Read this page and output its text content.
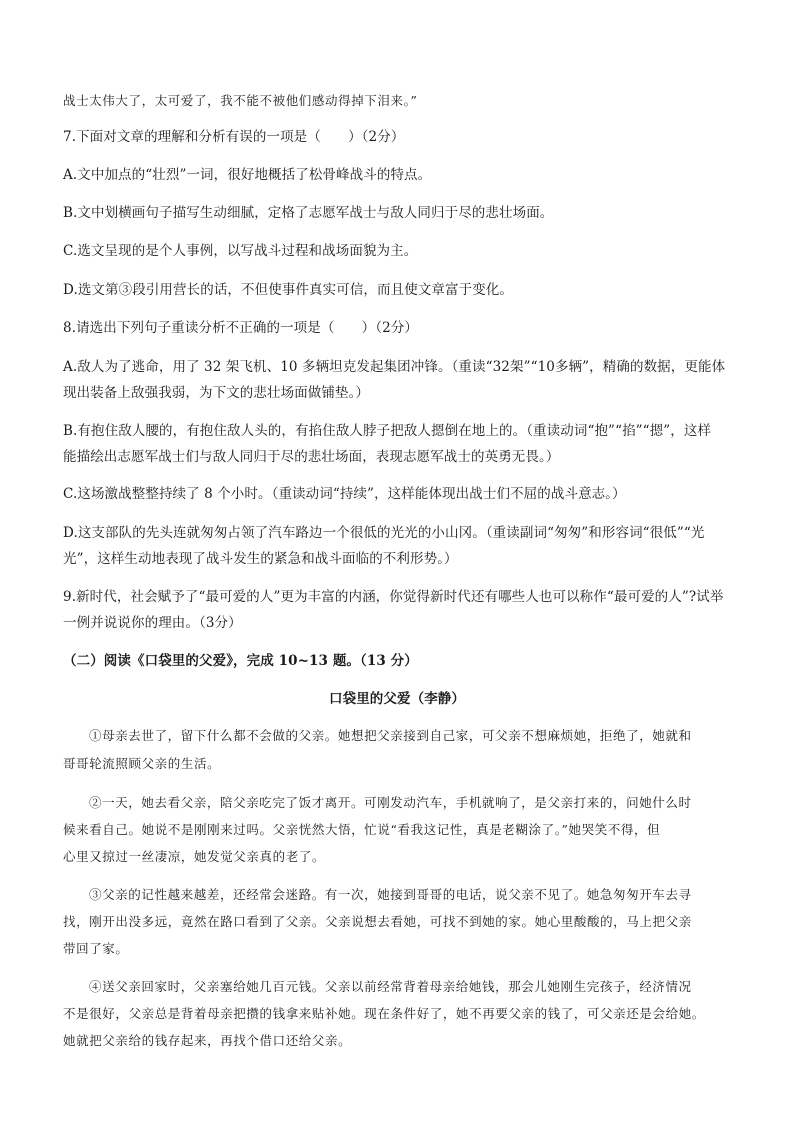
战士太伟大了，太可爱了，我不能不被他们感动得掉下泪来。”

7.下面对文章的理解和分析有误的一项是（　　）（2分）

A.文中加点的“壮烈”一词，很好地概括了松骨峰战斗的特点。

B.文中划横画句子描写生动细腻，定格了志愿军战士与敌人同归于尽的悲壮场面。

C.选文呈现的是个人事例，以写战斗过程和战场面貌为主。

D.选文第③段引用营长的话，不但使事件真实可信，而且使文章富于变化。

8.请选出下列句子重读分析不正确的一项是（　　）（2分）

A.敌人为了逃命，用了 32 架飞机、10 多辆坦克发起集团冲锋。（重读“32架”“10多辆”，精确的数据，更能体

现出装备上敌强我弱，为下文的悲壮场面做铺垫。）

B.有抱住敌人腰的，有抱住敌人头的，有掐住敌人脖子把敌人摁倒在地上的。（重读动词“抱”“掐”“摁”，这样

能描绘出志愿军战士们与敌人同归于尽的悲壮场面，表现志愿军战士的英勇无畏。）

C.这场激战整整持续了 8 个小时。（重读动词“持续”，这样能体现出战士们不屈的战斗意志。）

D.这支部队的先头连就匆匆占领了汽车路边一个很低的光光的小山冈。（重读副词“匆匆”和形容词“很低”“光

光”，这样生动地表现了战斗发生的紧急和战斗面临的不利形势。）

9.新时代，社会赋予了“最可爱的人”更为丰富的内涵，你觉得新时代还有哪些人也可以称作“最可爱的人”?试举

一例并说说你的理由。（3分）

（二）阅读《口袋里的父爱》，完成 10~13 题。（13 分）

口袋里的父爱（李静）

①母亲去世了，留下什么都不会做的父亲。她想把父亲接到自己家，可父亲不想麻烦她，拒绝了，她就和

哥哥轮流照顾父亲的生活。

②一天，她去看父亲，陪父亲吃完了饭才离开。可刚发动汽车，手机就响了，是父亲打来的，问她什么时

候来看自己。她说不是刚刚来过吗。父亲恍然大悟，忙说“看我这记性，真是老糊涂了。”她哭笑不得，但

心里又掠过一丝凄凉，她发觉父亲真的老了。

③父亲的记性越来越差，还经常会迷路。有一次，她接到哥哥的电话，说父亲不见了。她急匆匆开车去寻

找，刚开出没多远，竟然在路口看到了父亲。父亲说想去看她，可找不到她的家。她心里酸酸的，马上把父亲

带回了家。

④送父亲回家时，父亲塞给她几百元钱。父亲以前经常背着母亲给她钱，那会儿她刚生完孩子，经济情况

不是很好，父亲总是背着母亲把攒的钱拿来贴补她。现在条件好了，她不再要父亲的钱了，可父亲还是会给她。

她就把父亲给的钱存起来，再找个借口还给父亲。
